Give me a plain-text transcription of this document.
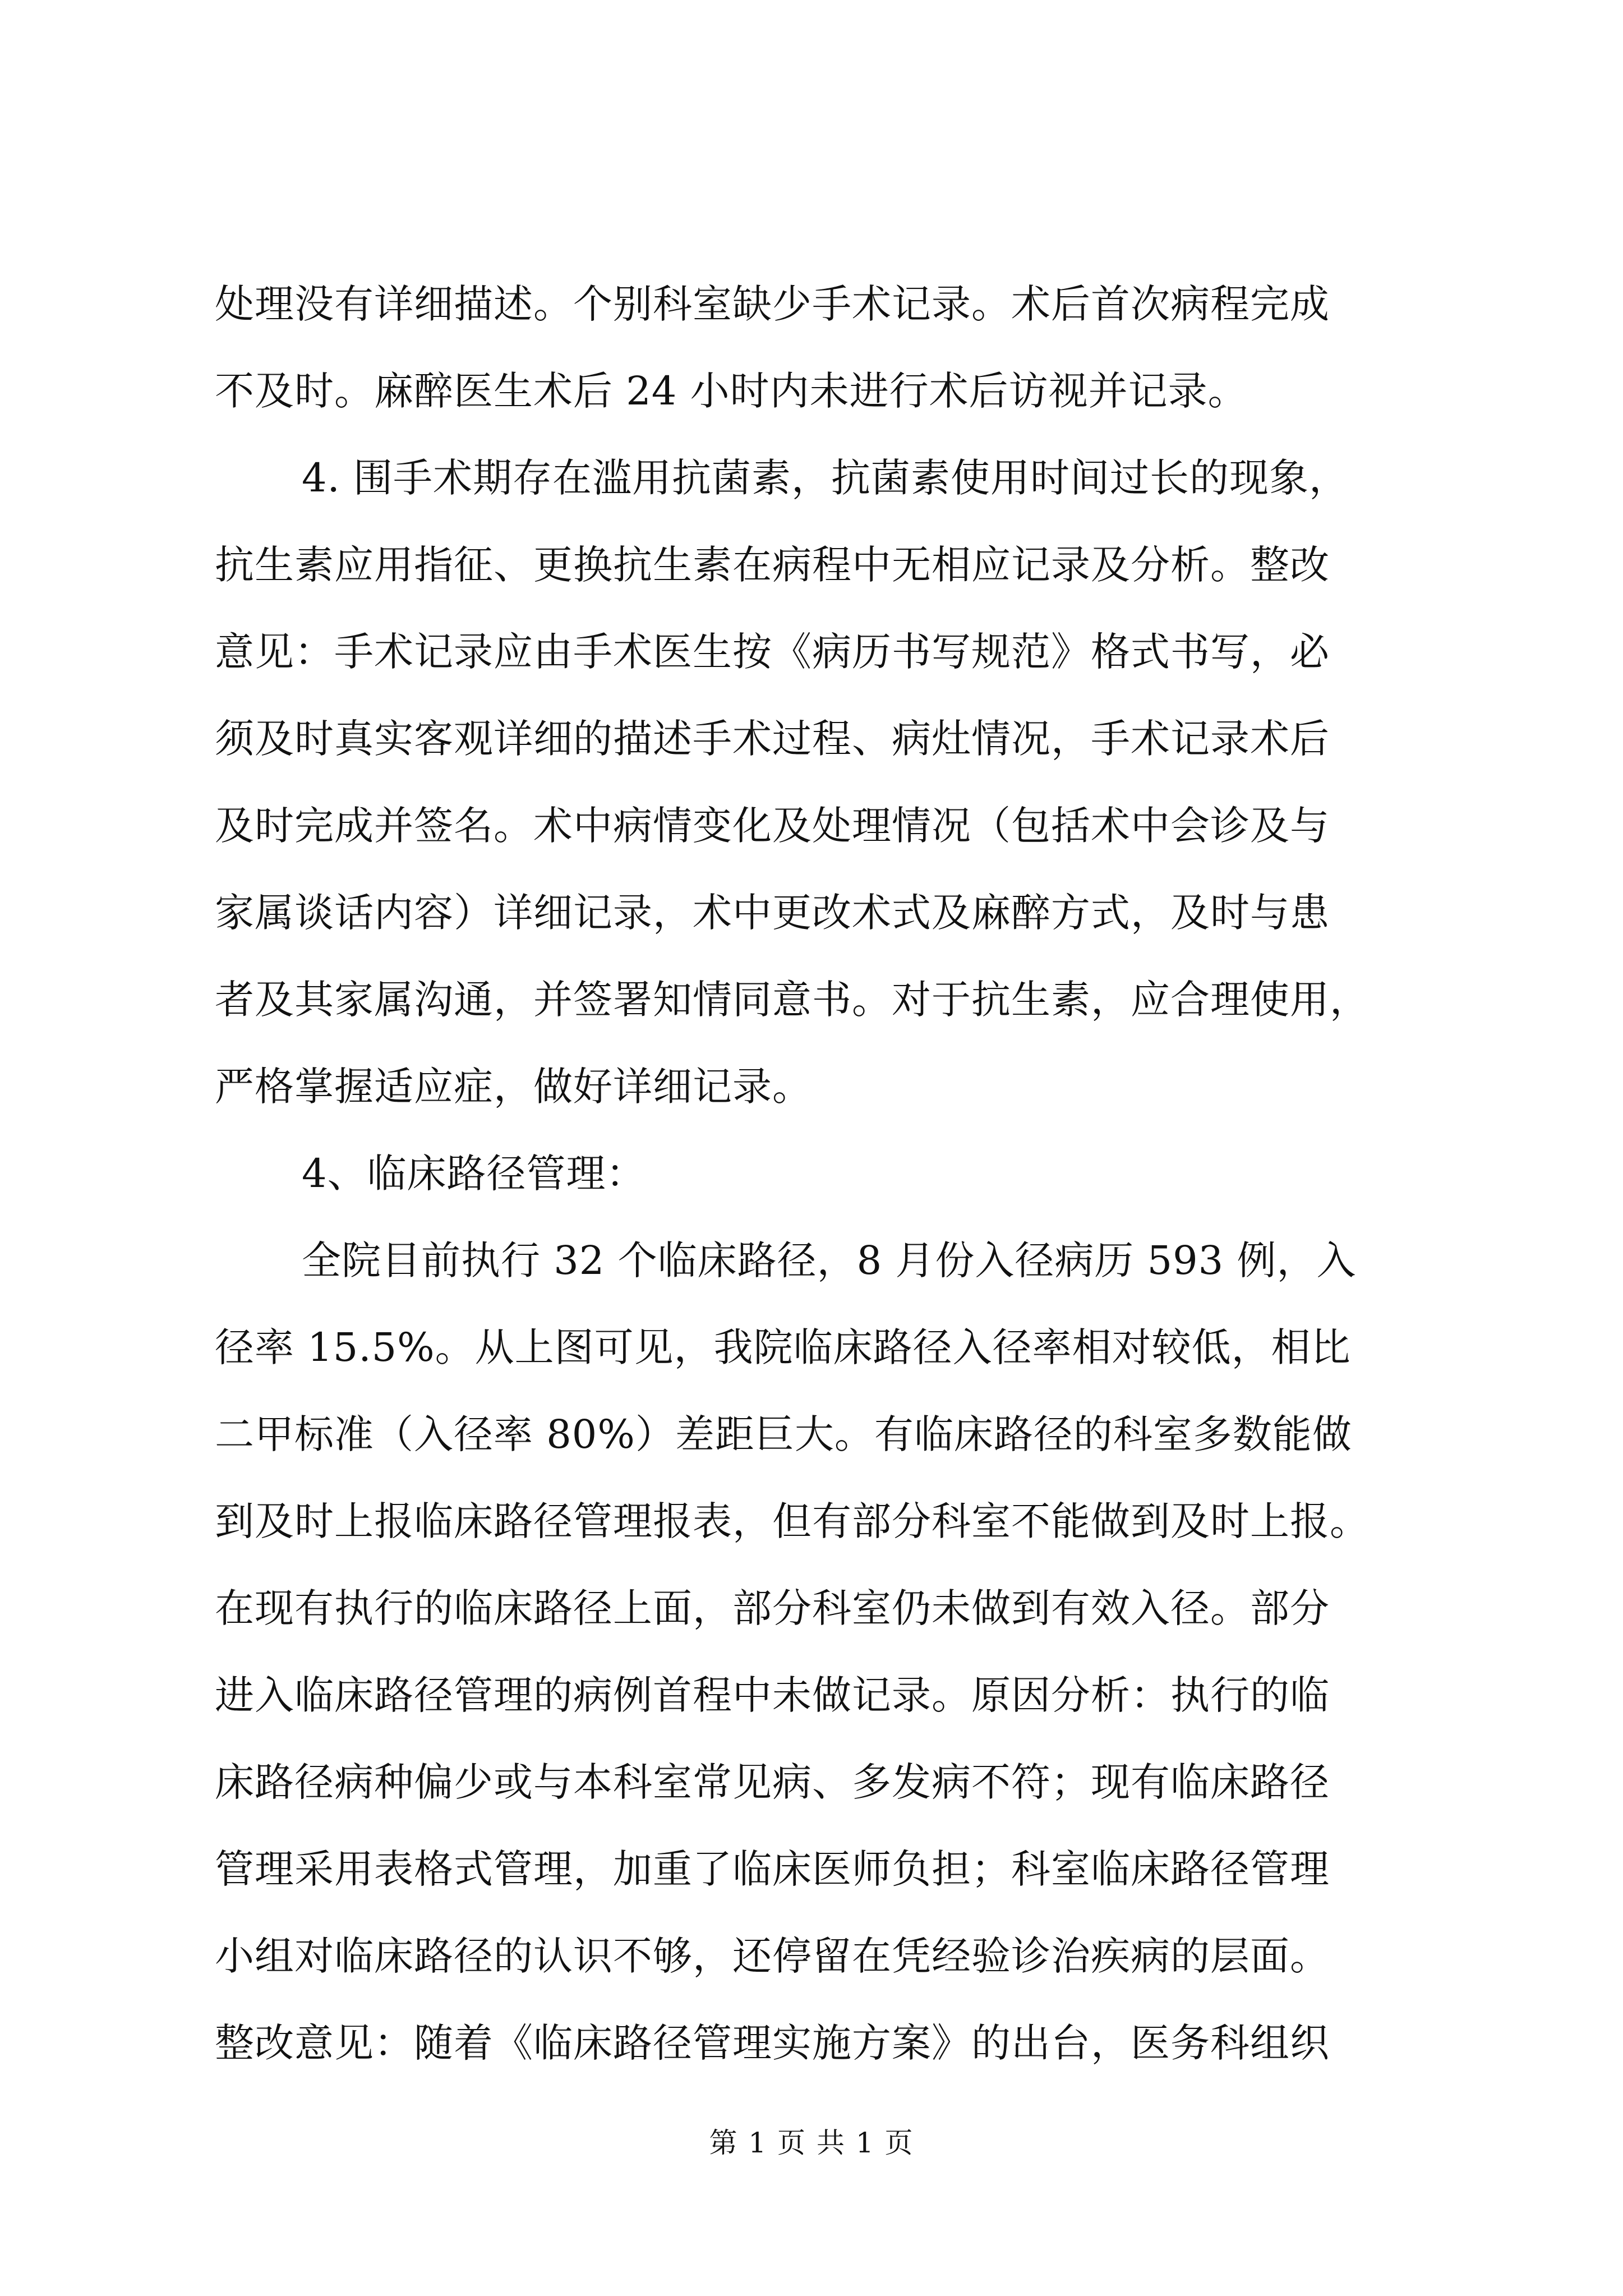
处理没有详细描述。个别科室缺少手术记录。术后首次病程完成
不及时。麻醉医生术后 24 小时内未进行术后访视并记录。
4. 围手术期存在滥用抗菌素，抗菌素使用时间过长的现象，
抗生素应用指征、更换抗生素在病程中无相应记录及分析。整改
意见：手术记录应由手术医生按《病历书写规范》格式书写，必
须及时真实客观详细的描述手术过程、病灶情况，手术记录术后
及时完成并签名。术中病情变化及处理情况（包括术中会诊及与
家属谈话内容）详细记录，术中更改术式及麻醉方式，及时与患
者及其家属沟通，并签署知情同意书。对于抗生素，应合理使用，
严格掌握适应症，做好详细记录。
4、临床路径管理：
全院目前执行 32 个临床路径，8 月份入径病历 593 例，入
径率 15.5%。从上图可见，我院临床路径入径率相对较低，相比
二甲标准（入径率 80%）差距巨大。有临床路径的科室多数能做
到及时上报临床路径管理报表，但有部分科室不能做到及时上报。
在现有执行的临床路径上面，部分科室仍未做到有效入径。部分
进入临床路径管理的病例首程中未做记录。原因分析：执行的临
床路径病种偏少或与本科室常见病、多发病不符；现有临床路径
管理采用表格式管理，加重了临床医师负担；科室临床路径管理
小组对临床路径的认识不够，还停留在凭经验诊治疾病的层面。
整改意见：随着《临床路径管理实施方案》的出台，医务科组织
第 1 页 共 1 页
